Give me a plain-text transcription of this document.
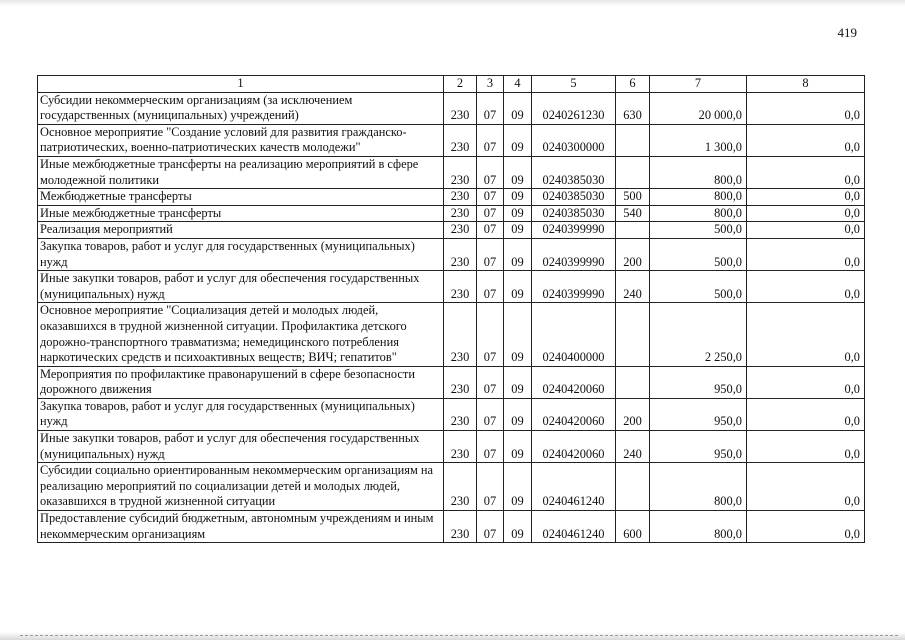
419
1	2	3	4	5	6	7	8
Субсидии некоммерческим организациям (за исключением государственных (муниципальных) учреждений)	230	07	09	0240261230	630	20 000,0	0,0
Основное мероприятие "Создание условий для развития гражданско-патриотических, военно-патриотических качеств молодежи"	230	07	09	0240300000		1 300,0	0,0
Иные межбюджетные трансферты на реализацию мероприятий в сфере молодежной политики	230	07	09	0240385030		800,0	0,0
Межбюджетные трансферты	230	07	09	0240385030	500	800,0	0,0
Иные межбюджетные трансферты	230	07	09	0240385030	540	800,0	0,0
Реализация мероприятий	230	07	09	0240399990		500,0	0,0
Закупка товаров, работ и услуг для государственных (муниципальных) нужд	230	07	09	0240399990	200	500,0	0,0
Иные закупки товаров, работ и услуг для обеспечения государственных (муниципальных) нужд	230	07	09	0240399990	240	500,0	0,0
Основное мероприятие "Социализация детей и молодых людей, оказавшихся в трудной жизненной ситуации. Профилактика детского дорожно-транспортного травматизма; немедицинского потребления наркотических средств и психоактивных веществ; ВИЧ; гепатитов"	230	07	09	0240400000		2 250,0	0,0
Мероприятия по профилактике правонарушений в сфере безопасности дорожного движения	230	07	09	0240420060		950,0	0,0
Закупка товаров, работ и услуг для государственных (муниципальных) нужд	230	07	09	0240420060	200	950,0	0,0
Иные закупки товаров, работ и услуг для обеспечения государственных (муниципальных) нужд	230	07	09	0240420060	240	950,0	0,0
Субсидии социально ориентированным некоммерческим организациям на реализацию мероприятий по социализации детей и молодых людей, оказавшихся в трудной жизненной ситуации	230	07	09	0240461240		800,0	0,0
Предоставление субсидий бюджетным, автономным учреждениям и иным некоммерческим организациям	230	07	09	0240461240	600	800,0	0,0
